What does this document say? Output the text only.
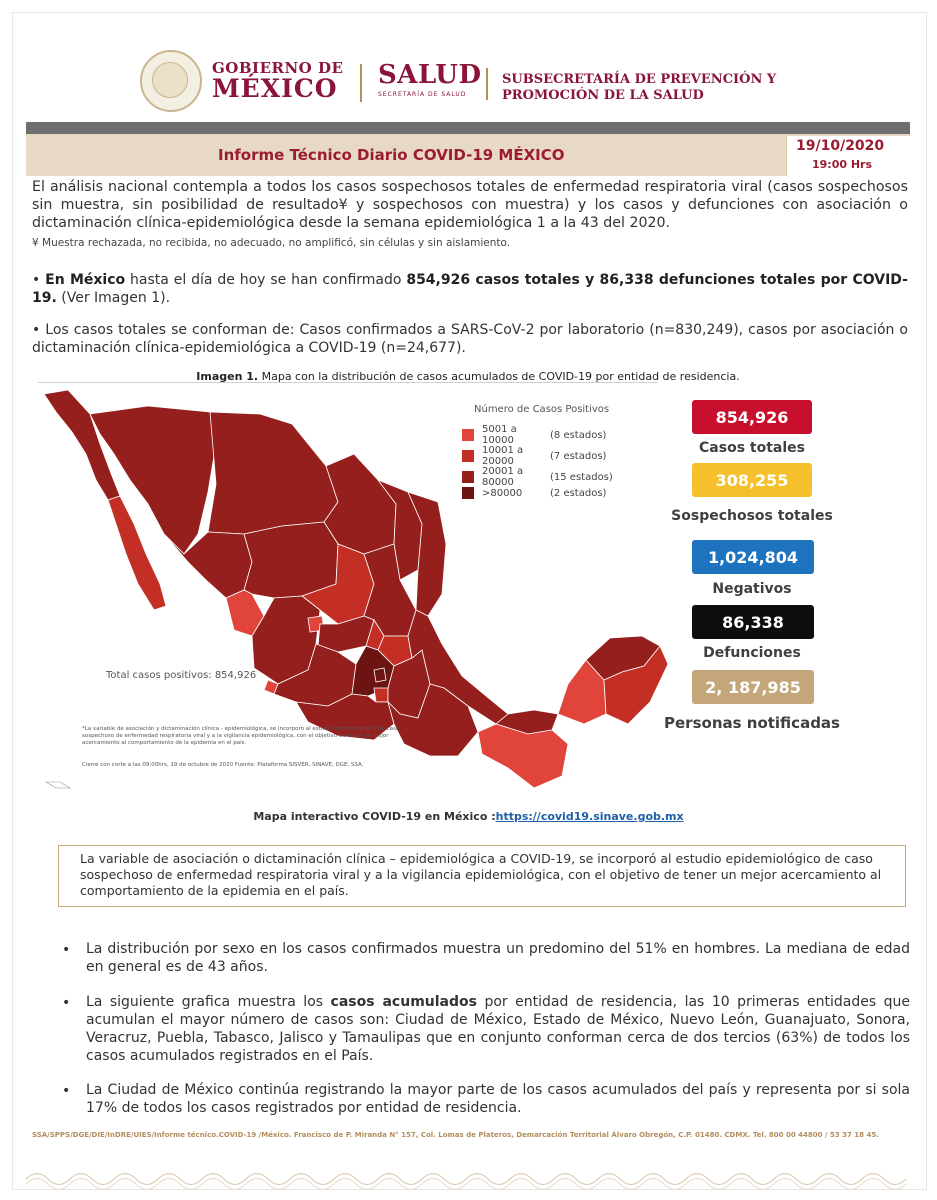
GOBIERNO DE
MÉXICO SALUD
SECRETARÍA DE SALUD
SUBSECRETARÍA DE PREVENCIÓN Y
PROMOCIÓN DE LA SALUD
Informe Técnico Diario COVID-19 MÉXICO	19/10/2020
19:00 Hrs
El análisis nacional contempla a todos los casos sospechosos totales de enfermedad respiratoria viral (casos sospechosos sin muestra, sin posibilidad de resultado¥ y sospechosos con muestra) y los casos y defunciones con asociación o dictaminación clínica-epidemiológica desde la semana epidemiológica 1 a la 43 del 2020.
¥ Muestra rechazada, no recibida, no adecuado, no amplificó, sin células y sin aislamiento.
• En México hasta el día de hoy se han confirmado 854,926 casos totales y 86,338 defunciones totales por COVID-19. (Ver Imagen 1).
• Los casos totales se conforman de: Casos confirmados a SARS-CoV-2 por laboratorio (n=830,249), casos por asociación o dictaminación clínica-epidemiológica a COVID-19 (n=24,677).
Imagen 1. Mapa con la distribución de casos acumulados de COVID-19 por entidad de residencia.
Número de Casos Positivos
5001 a 10000	(8 estados)
10001 a 20000	(7 estados)
20001 a 80000	(15 estados)
>80000	(2 estados)
Total casos positivos: 854,926
*La variable de asociación y dictaminación clínica - epidemiológica, se incorporó al estudio epidemiológico de caso sospechoso de enfermedad respiratoria viral y a la vigilancia epidemiológica, con el objetivo de tener un mejor acercamiento al comportamiento de la epidemia en el país.
Cierre con corte a las 09:00hrs, 19 de octubre de 2020 Fuente: Plataforma SISVER, SINAVE, DGE, SSA.
854,926
Casos totales
308,255
Sospechosos totales
1,024,804
Negativos
86,338
Defunciones
2, 187,985
Personas notificadas
Mapa interactivo COVID-19 en México :https://covid19.sinave.gob.mx
La variable de asociación o dictaminación clínica – epidemiológica a COVID-19, se incorporó al estudio epidemiológico de caso sospechoso de enfermedad respiratoria viral y a la vigilancia epidemiológica, con el objetivo de tener un mejor acercamiento al comportamiento de la epidemia en el país.
• La distribución por sexo en los casos confirmados muestra un predomino del 51% en hombres. La mediana de edad en general es de 43 años.
• La siguiente grafica muestra los casos acumulados por entidad de residencia, las 10 primeras entidades que acumulan el mayor número de casos son: Ciudad de México, Estado de México, Nuevo León, Guanajuato, Sonora, Veracruz, Puebla, Tabasco, Jalisco y Tamaulipas que en conjunto conforman cerca de dos tercios (63%) de todos los casos acumulados registrados en el País.
• La Ciudad de México continúa registrando la mayor parte de los casos acumulados del país y representa por si sola 17% de todos los casos registrados por entidad de residencia.
SSA/SPPS/DGE/DIE/InDRE/UIES/Informe técnico.COVID-19 /México. Francisco de P. Miranda N° 157, Col. Lomas de Plateros, Demarcación Territorial Álvaro Obregón, C.P. 01480. CDMX. Tel. 800 00 44800 / 53 37 18 45.
